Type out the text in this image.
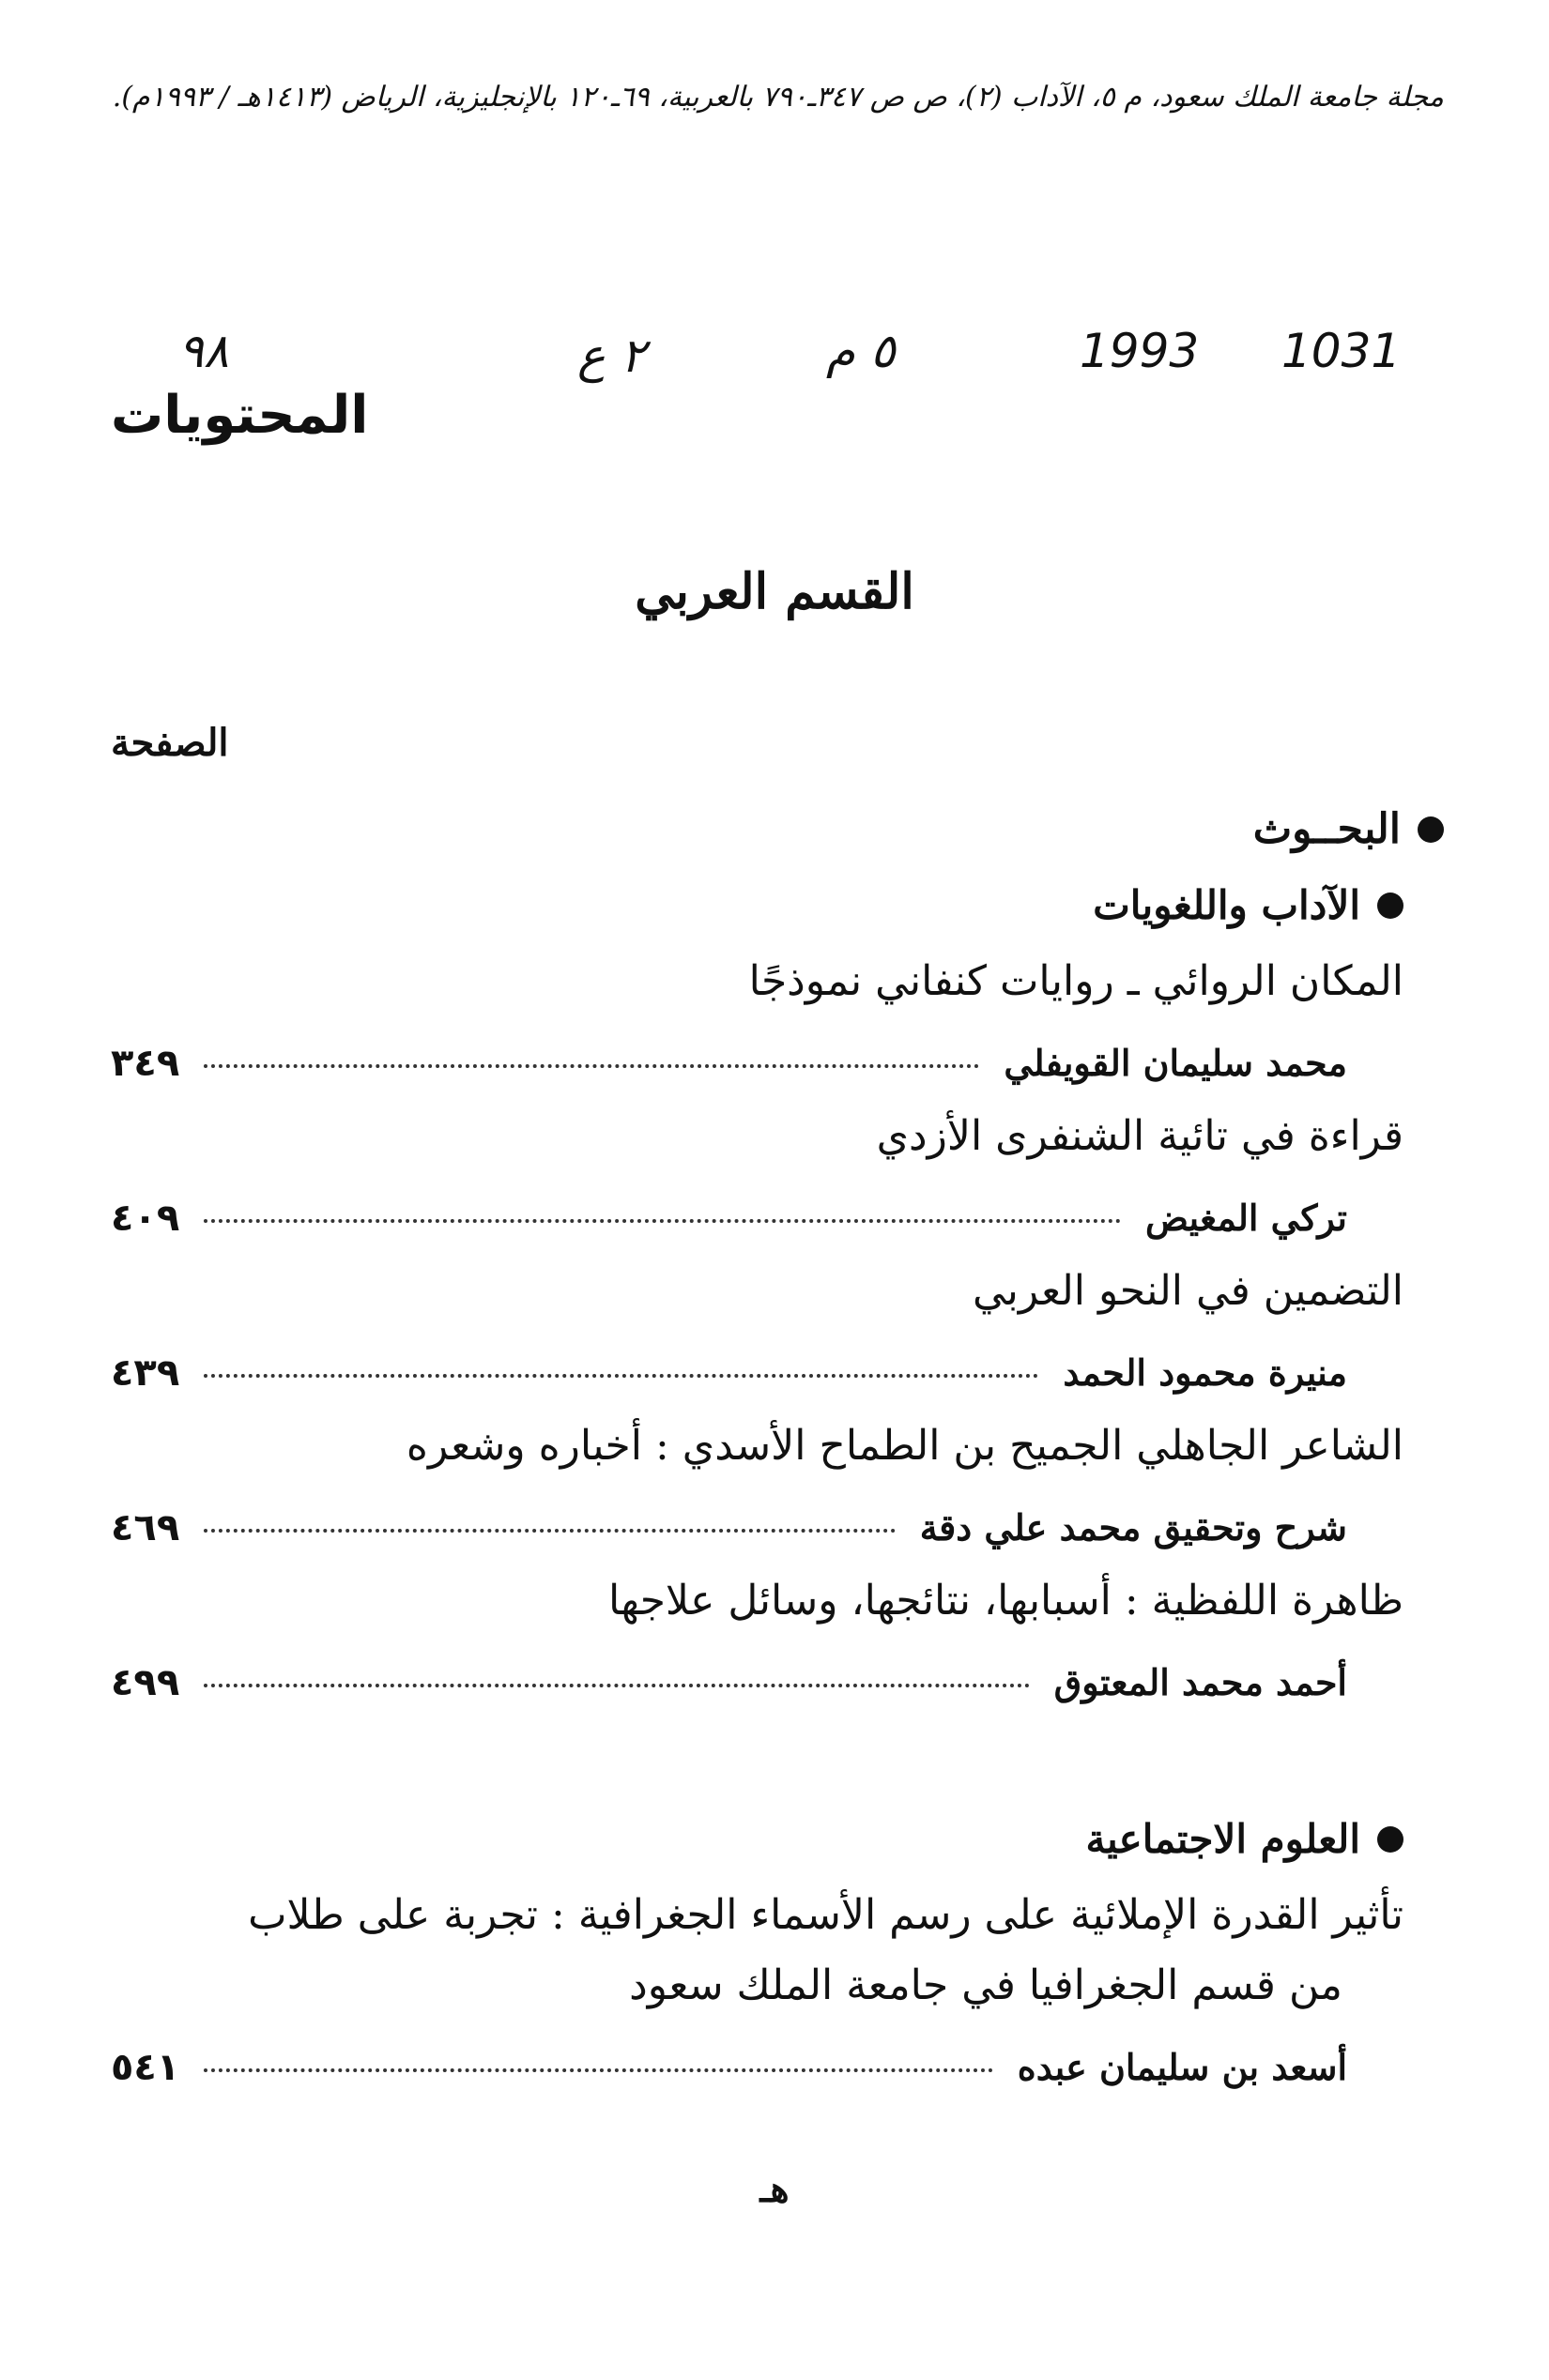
مجلة جامعة الملك سعود، م ٥، الآداب (٢)، ص ص ٣٤٧ـ٧٩٠ بالعربية، ٦٩ـ١٢٠ بالإنجليزية، الرياض (١٤١٣هـ / ١٩٩٣م).
٩٨	٢ ع	٥ م	1993 1031
المحتويات
القسم العربي
الصفحة
البحــوث
الآداب واللغويات
المكان الروائي ـ روايات كنفاني نموذجًا
محمد سليمان القويفلي
٣٤٩
قراءة في تائية الشنفرى الأزدي
تركي المغيض
٤٠٩
التضمين في النحو العربي
منيرة محمود الحمد
٤٣٩
الشاعر الجاهلي الجميح بن الطماح الأسدي : أخباره وشعره
شرح وتحقيق محمد علي دقة
٤٦٩
ظاهرة اللفظية : أسبابها، نتائجها، وسائل علاجها
أحمد محمد المعتوق
٤٩٩
العلوم الاجتماعية
تأثير القدرة الإملائية على رسم الأسماء الجغرافية : تجربة على طلاب
من قسم الجغرافيا في جامعة الملك سعود
أسعد بن سليمان عبده
٥٤١
هـ
